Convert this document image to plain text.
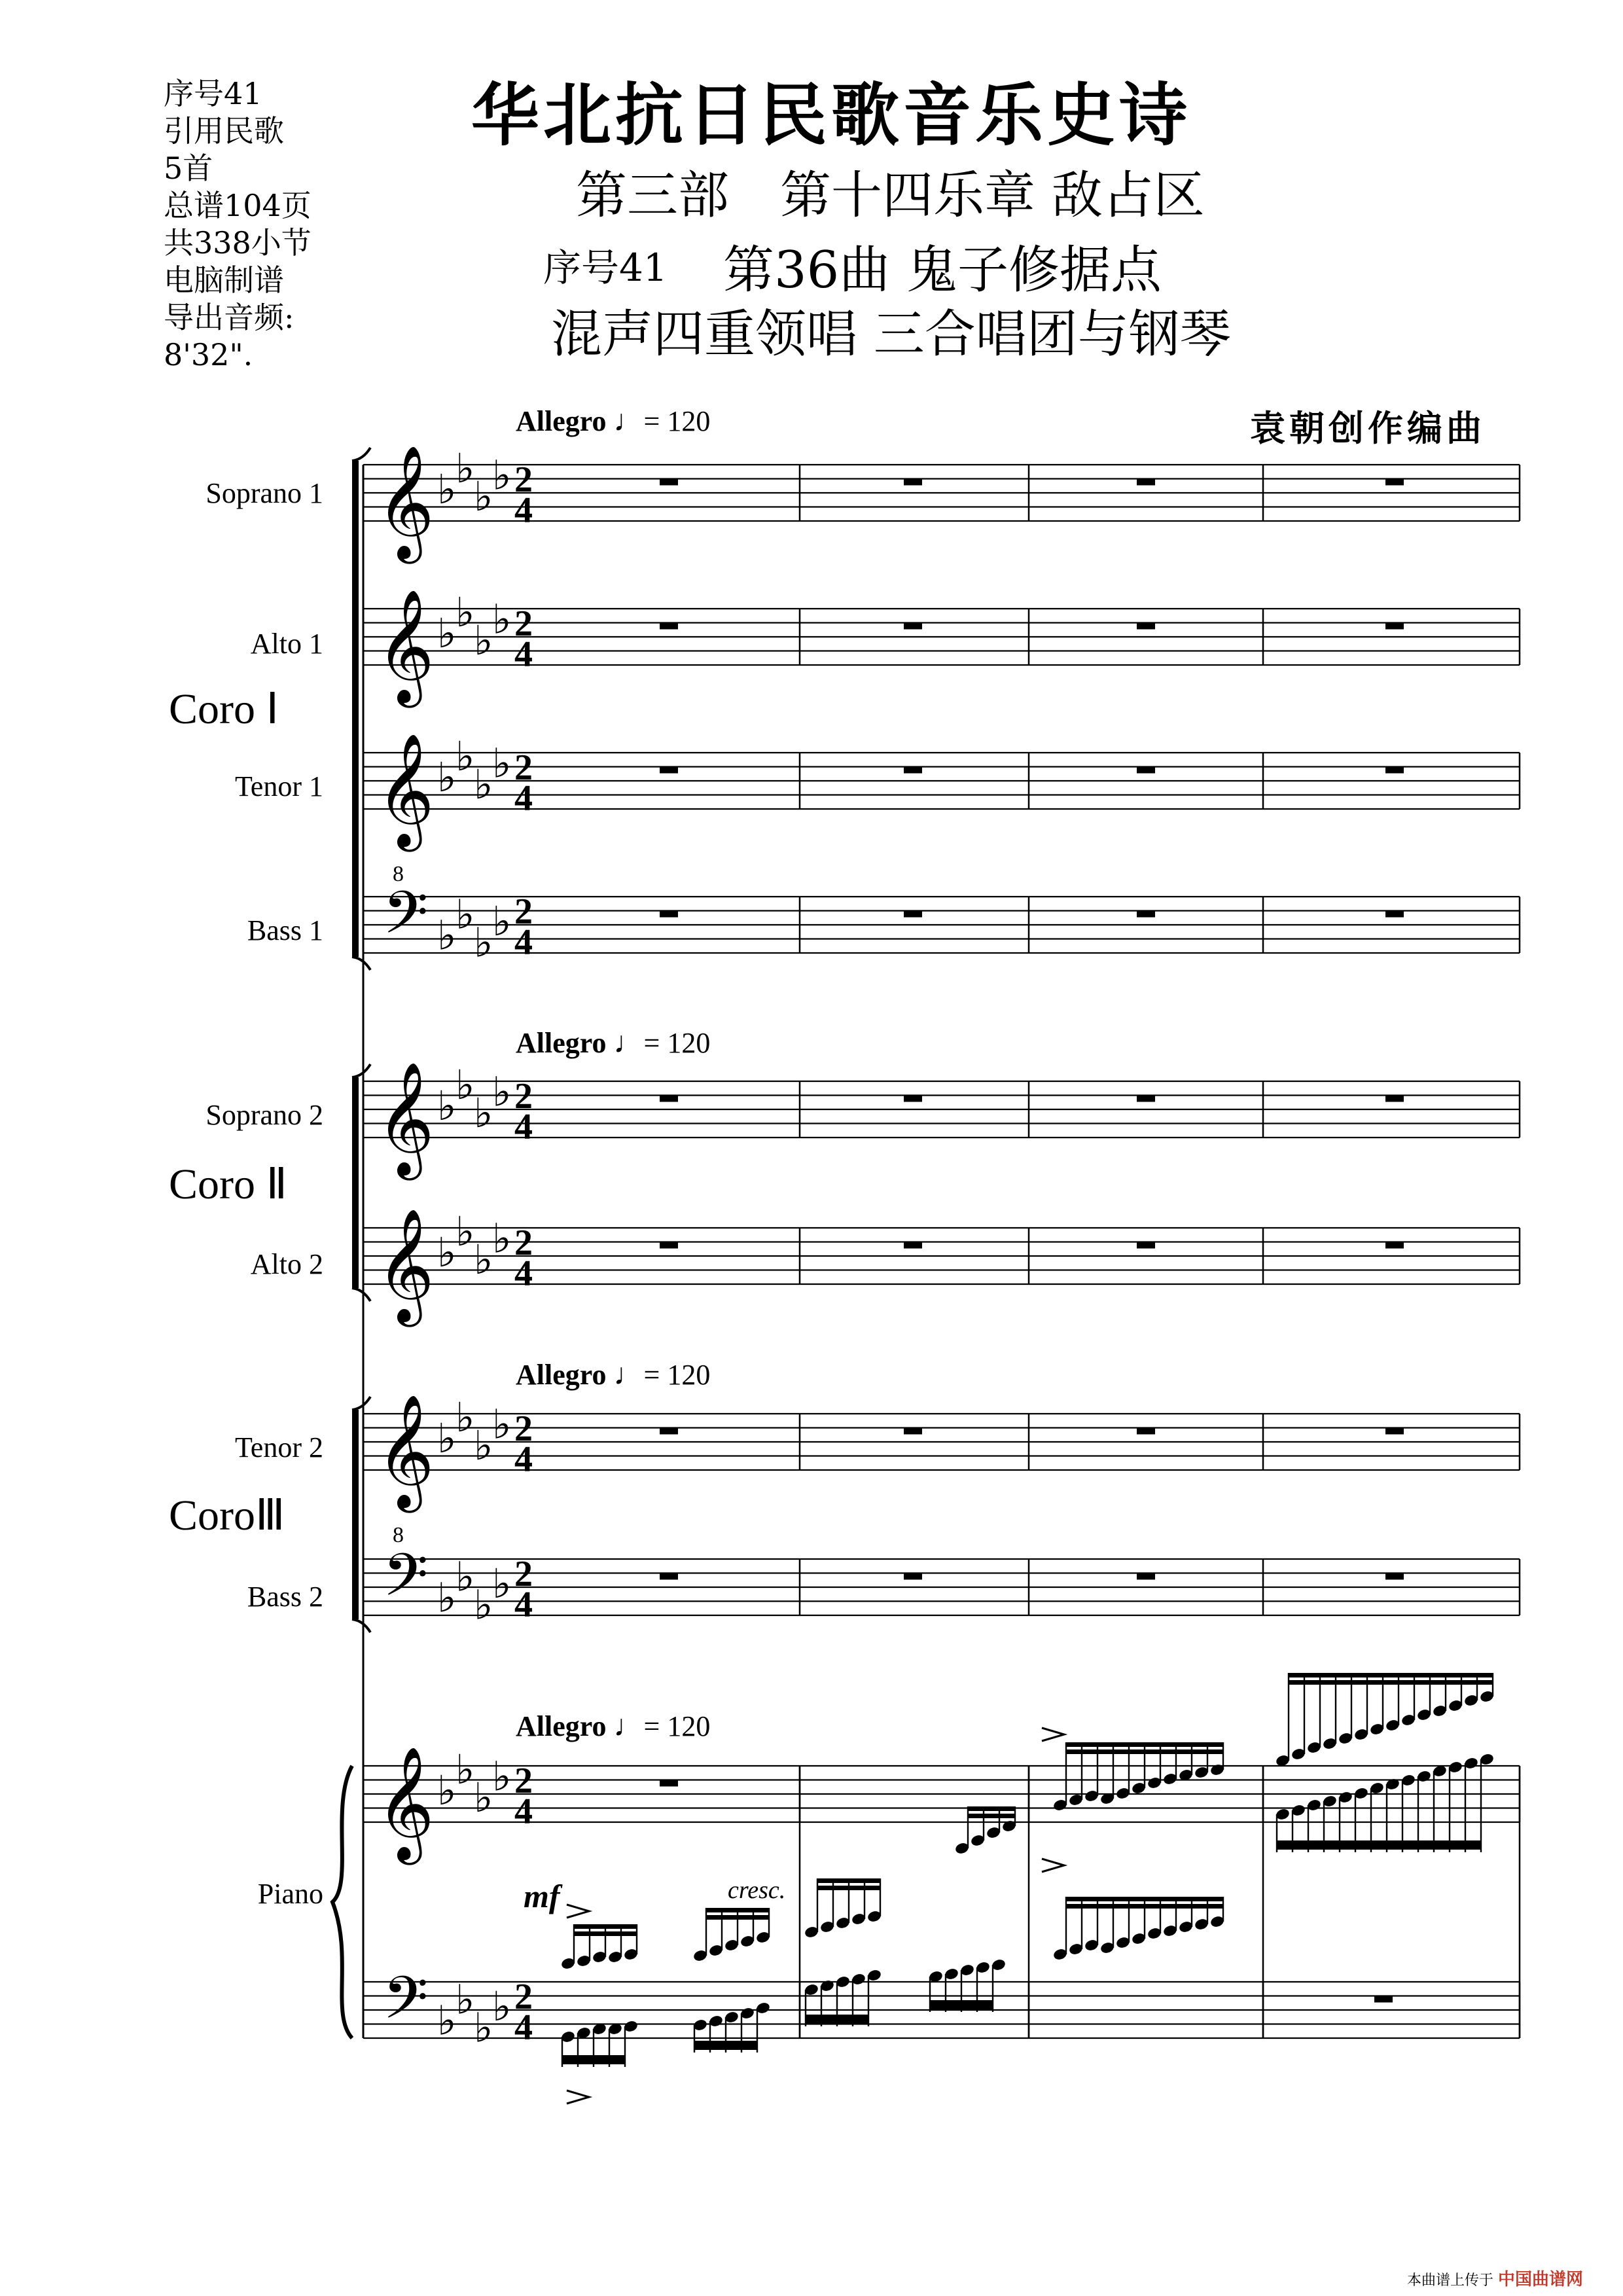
序号41
引用民歌
5首
总谱104页
共338小节
电脑制谱
导出音频:
8'32".
华北抗日民歌音乐史诗
第三部　第十四乐章 敌占区
序号41 第36曲 鬼子修据点
混声四重领唱 三合唱团与钢琴
袁朝创作编曲
Allegro ♩= 120
Allegro ♩= 120
Allegro ♩= 120
Allegro ♩= 120
Soprano 1
Alto 1
Tenor 1
Bass 1
Soprano 2
Alto 2
Tenor 2
Bass 2
Piano
Coro Ⅰ
Coro Ⅱ
CoroⅢ
mf	cresc.
𝄞 ♭
♭
♭
♭ 2
4
𝄞 ♭
♭
♭
♭ 2
4
𝄞
8
♭
♭
♭
♭ 2
4
𝄢 ♭
♭
♭
♭ 2
4
𝄞 ♭
♭
♭
♭ 2
4
𝄞 ♭
♭
♭
♭ 2
4
𝄞
8
♭
♭
♭
♭ 2
4
𝄢 ♭
♭
♭
♭ 2
4
𝄞 ♭
♭
♭
♭ 2
4
𝄢 ♭
♭
♭
♭ 2
4
本曲谱上传于 中国曲谱网
